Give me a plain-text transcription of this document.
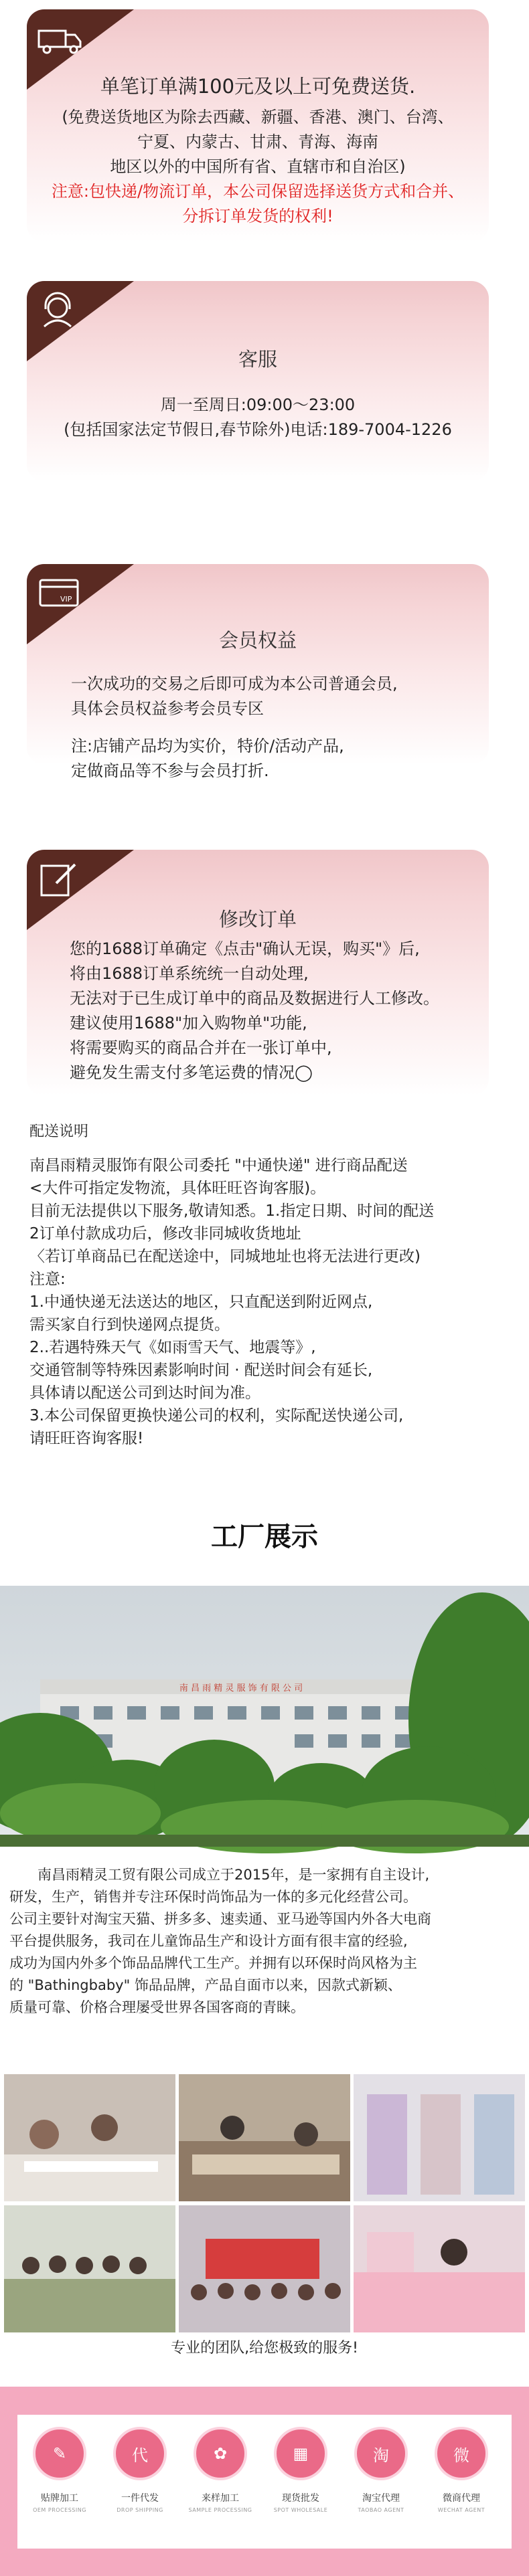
单笔订单满100元及以上可免费送货.
(免费送货地区为除去西藏、新疆、香港、澳门、台湾、
宁夏、内蒙古、甘肃、青海、海南
地区以外的中国所有省、直辖市和自治区)
注意:包快递/物流订单，本公司保留选择送货方式和合并、
分拆订单发货的权利!
客服
周一至周日:09:00～23:00
(包括国家法定节假日,春节除外)电话:189-7004-1226
VIP
会员权益
一次成功的交易之后即可成为本公司普通会员,
具体会员权益参考会员专区
注:店铺产品均为实价，特价/活动产品,
定做商品等不参与会员打折.
修改订单
您的1688订单确定《点击"确认无误，购买"》后,
将由1688订单系统统一自动处理,
无法对于已生成订单中的商品及数据进行人工修改。
建议使用1688"加入购物单"功能,
将需要购买的商品合并在一张订单中,
避免发生需支付多笔运费的情况◯
配送说明
南昌雨精灵服饰有限公司委托 "中通快递" 进行商品配送
<大件可指定发物流，具体旺旺咨询客服)。
目前无法提供以下服务,敬请知悉。1.指定日期、时间的配送
2订单付款成功后，修改非同城收货地址
〈若订单商品已在配送途中，同城地址也将无法进行更改)
注意:
1.中通快递无法送达的地区，只直配送到附近网点,
需买家自行到快递网点提货。
2..若遇特殊天气《如雨雪天气、地震等》,
交通管制等特殊因素影响时间 · 配送时间会有延长,
具体请以配送公司到达时间为准。
3.本公司保留更换快递公司的权利，实际配送快递公司,
请旺旺咨询客服!
工厂展示
南 昌 雨 精 灵 服 饰 有 限 公 司
　　南昌雨精灵工贸有限公司成立于2015年，是一家拥有自主设计,
研发，生产，销售并专注环保时尚饰品为一体的多元化经营公司。
公司主要针对淘宝天猫、拼多多、速卖通、亚马逊等国内外各大电商
平台提供服务，我司在儿童饰品生产和设计方面有很丰富的经验,
成功为国内外多个饰品品牌代工生产。并拥有以环保时尚风格为主
的 "Bathingbaby" 饰品品牌，产品自面市以来，因款式新颖、
质量可靠、价格合理屡受世界各国客商的青睐。
专业的团队,给您极致的服务!
✎
贴牌加工
OEM PROCESSING
代
一件代发
DROP SHIPPING
✿
来样加工
SAMPLE PROCESSING
▦
现货批发
SPOT WHOLESALE
淘
淘宝代理
TAOBAO AGENT
微
微商代理
WECHAT AGENT
